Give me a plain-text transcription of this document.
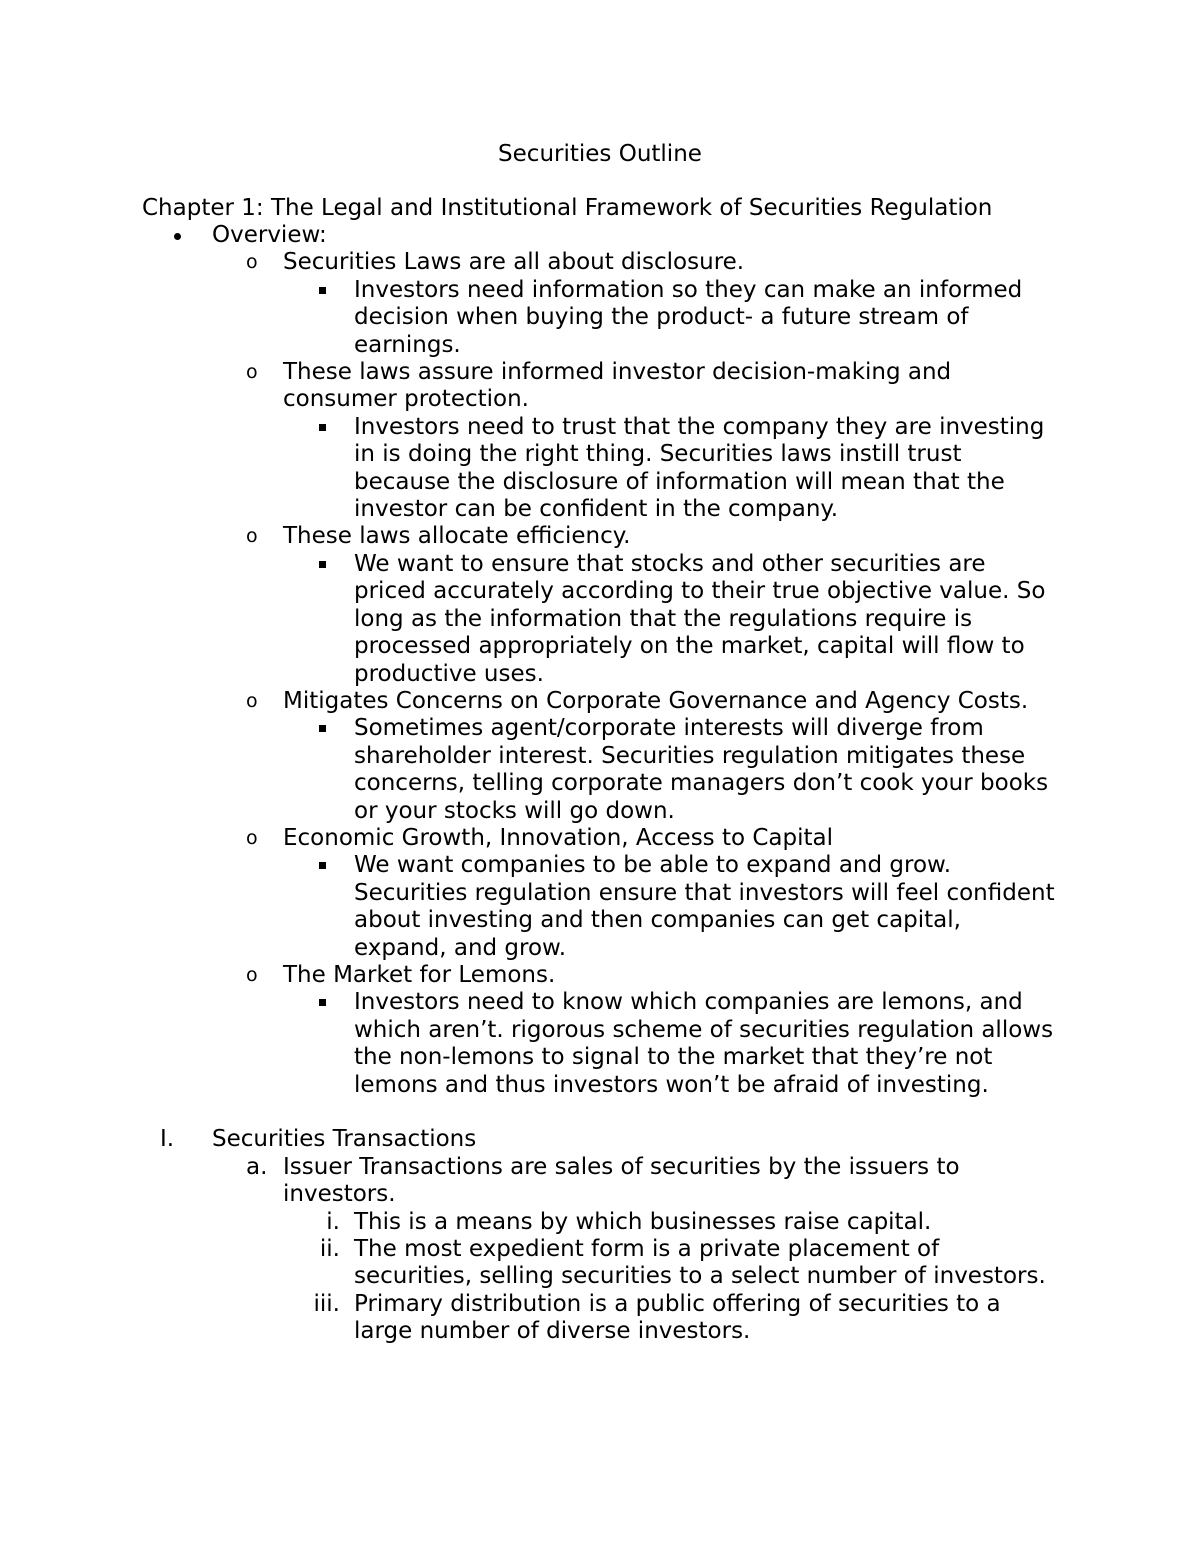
Securities Outline
Chapter 1: The Legal and Institutional Framework of Securities Regulation
Overview:
Securities Laws are all about disclosure.
o
Investors need information so they can make an informed decision when buying the product- a future stream of earnings.
These laws assure informed investor decision-making and consumer protection.
o
Investors need to trust that the company they are investing in is doing the right thing. Securities laws instill trust because the disclosure of information will mean that the investor can be confident in the company.
These laws allocate efficiency.
o
We want to ensure that stocks and other securities are priced accurately according to their true objective value. So long as the information that the regulations require is processed appropriately on the market, capital will flow to productive uses.
Mitigates Concerns on Corporate Governance and Agency Costs.
o
Sometimes agent/corporate interests will diverge from shareholder interest. Securities regulation mitigates these concerns, telling corporate managers don’t cook your books or your stocks will go down.
Economic Growth, Innovation, Access to Capital
o
We want companies to be able to expand and grow. Securities regulation ensure that investors will feel confident about investing and then companies can get capital, expand, and grow.
The Market for Lemons.
o
Investors need to know which companies are lemons, and which aren’t. rigorous scheme of securities regulation allows the non-lemons to signal to the market that they’re not lemons and thus investors won’t be afraid of investing.
Securities Transactions
I.
Issuer Transactions are sales of securities by the issuers to investors.
a.
This is a means by which businesses raise capital.
i.
The most expedient form is a private placement of securities, selling securities to a select number of investors.
ii.
Primary distribution is a public offering of securities to a large number of diverse investors.
iii.
